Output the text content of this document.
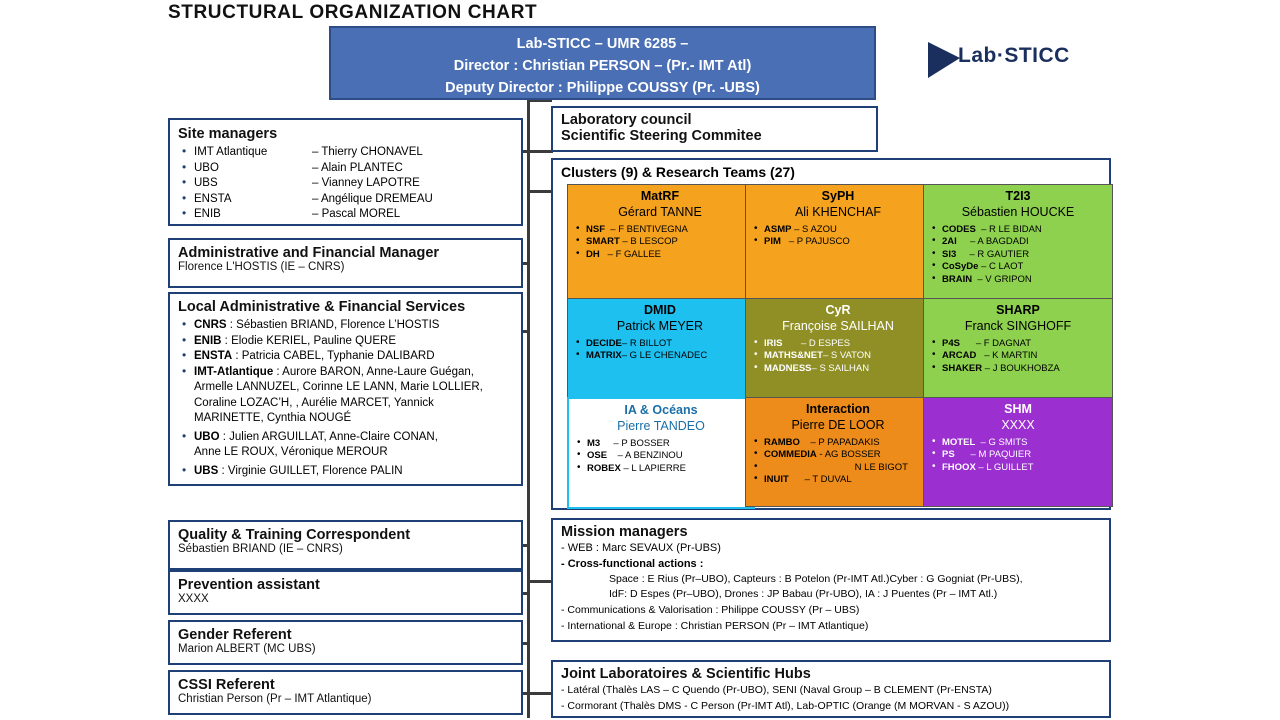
STRUCTURAL ORGANIZATION CHART
Lab·STICC
Lab-STICC – UMR 6285 –
Director : Christian PERSON – (Pr.- IMT Atl)
Deputy Director : Philippe COUSSY (Pr. -UBS)
Laboratory council
Scientific Steering Commitee
Site managers
• IMT Atlantique	– Thierry CHONAVEL
• UBO	– Alain PLANTEC
• UBS	– Vianney LAPOTRE
• ENSTA	– Angélique DREMEAU
• ENIB	– Pascal MOREL
Administrative and Financial Manager
Florence L'HOSTIS (IE – CNRS)
Local Administrative & Financial Services
• CNRS : Sébastien BRIAND, Florence L’HOSTIS
• ENIB : Elodie KERIEL, Pauline QUERE
• ENSTA : Patricia CABEL, Typhanie DALIBARD
• IMT-Atlantique : Aurore BARON, Anne-Laure Guégan,
Armelle LANNUZEL, Corinne LE LANN, Marie LOLLIER,
Coraline LOZAC’H, , Aurélie MARCET, Yannick
MARINETTE, Cynthia NOUGÉ
• UBO : Julien ARGUILLAT, Anne-Claire CONAN,
Anne LE ROUX, Véronique MEROUR
• UBS : Virginie GUILLET, Florence PALIN
Quality & Training Correspondent
Sébastien BRIAND (IE – CNRS)
Prevention assistant
XXXX
Gender Referent
Marion ALBERT (MC UBS)
CSSI Referent
Christian Person (Pr – IMT Atlantique)
Clusters (9) & Research Teams (27)
MatRF
Gérard TANNE
• NSF – F BENTIVEGNA
• SMART – B LESCOP
• DH – F GALLEE
SyPH
Ali KHENCHAF
• ASMP – S AZOU
• PIM – P PAJUSCO
T2I3
Sébastien HOUCKE
• CODES – R LE BIDAN
• 2AI – A BAGDADI
• SI3 – R GAUTIER
• CoSyDe – C LAOT
• BRAIN – V GRIPON
DMID
Patrick MEYER
• DECIDE– R BILLOT
• MATRIX– G LE CHENADEC
CyR
Françoise SAILHAN
• IRIS – D ESPES
• MATHS&NET– S VATON
• MADNESS– S SAILHAN
SHARP
Franck SINGHOFF
• P4S – F DAGNAT
• ARCAD – K MARTIN
• SHAKER – J BOUKHOBZA
IA & Océans
Pierre TANDEO
• M3 – P BOSSER
• OSE – A BENZINOU
• ROBEX – L LAPIERRE
Interaction
Pierre DE LOOR
• RAMBO – P PAPADAKIS
• COMMEDIA - AG BOSSER
• N LE BIGOT
• INUIT – T DUVAL
SHM
XXXX
• MOTEL – G SMITS
• PS – M PAQUIER
• FHOOX – L GUILLET
Mission managers
- WEB : Marc SEVAUX (Pr-UBS)
- Cross-functional actions :
Space : E Rius (Pr–UBO), Capteurs : B Potelon (Pr-IMT Atl.)Cyber : G Gogniat (Pr-UBS),
IdF: D Espes (Pr–UBO), Drones : JP Babau (Pr-UBO), IA : J Puentes (Pr – IMT Atl.)
- Communications & Valorisation : Philippe COUSSY (Pr – UBS)
- International & Europe : Christian PERSON (Pr – IMT Atlantique)
Joint Laboratoires & Scientific Hubs
- Latéral (Thalès LAS – C Quendo (Pr-UBO), SENI (Naval Group – B CLEMENT (Pr-ENSTA)
- Cormorant (Thalès DMS - C Person (Pr-IMT Atl), Lab-OPTIC (Orange (M MORVAN - S AZOU))
